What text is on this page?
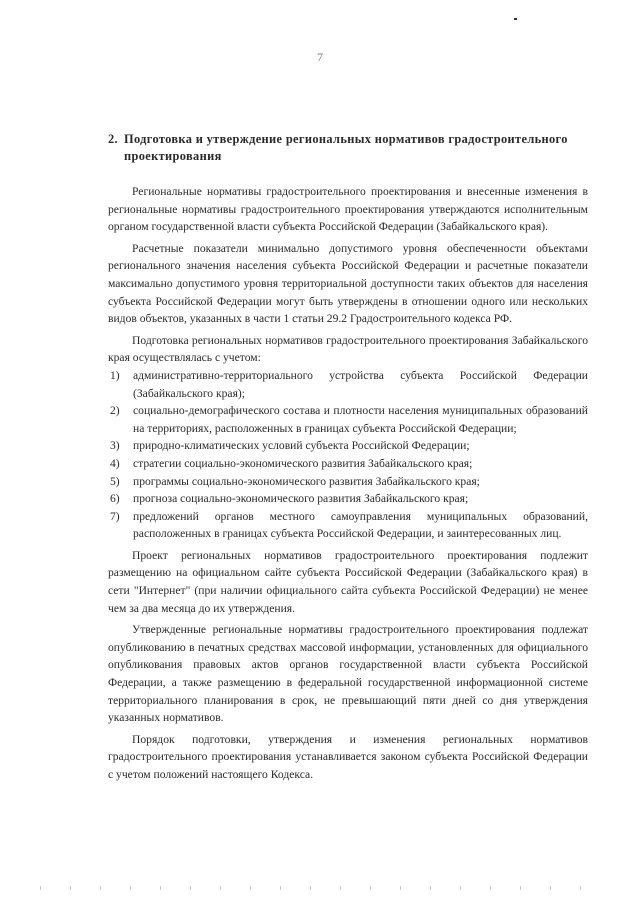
7
2. Подготовка и утверждение региональных нормативов градостроительного проектирования

Региональные нормативы градостроительного проектирования и внесенные изменения в региональные нормативы градостроительного проектирования утверждаются исполнительным органом государственной власти субъекта Российской Федерации (Забайкальского края).

Расчетные показатели минимально допустимого уровня обеспеченности объектами регионального значения населения субъекта Российской Федерации и расчетные показатели максимально допустимого уровня территориальной доступности таких объектов для населения субъекта Российской Федерации могут быть утверждены в отношении одного или нескольких видов объектов, указанных в части 1 статьи 29.2 Градостроительного кодекса РФ.

Подготовка региональных нормативов градостроительного проектирования Забайкальского края осуществлялась с учетом:

1) административно-территориального устройства субъекта Российской Федерации (Забайкальского края);
2) социально-демографического состава и плотности населения муниципальных образований на территориях, расположенных в границах субъекта Российской Федерации;
3) природно-климатических условий субъекта Российской Федерации;
4) стратегии социально-экономического развития Забайкальского края;
5) программы социально-экономического развития Забайкальского края;
6) прогноза социально-экономического развития Забайкальского края;
7) предложений органов местного самоуправления муниципальных образований, расположенных в границах субъекта Российской Федерации, и заинтересованных лиц.

Проект региональных нормативов градостроительного проектирования подлежит размещению на официальном сайте субъекта Российской Федерации (Забайкальского края) в сети "Интернет" (при наличии официального сайта субъекта Российской Федерации) не менее чем за два месяца до их утверждения.

Утвержденные региональные нормативы градостроительного проектирования подлежат опубликованию в печатных средствах массовой информации, установленных для официального опубликования правовых актов органов государственной власти субъекта Российской Федерации, а также размещению в федеральной государственной информационной системе территориального планирования в срок, не превышающий пяти дней со дня утверждения указанных нормативов.

Порядок подготовки, утверждения и изменения региональных нормативов градостроительного проектирования устанавливается законом субъекта Российской Федерации с учетом положений настоящего Кодекса.
